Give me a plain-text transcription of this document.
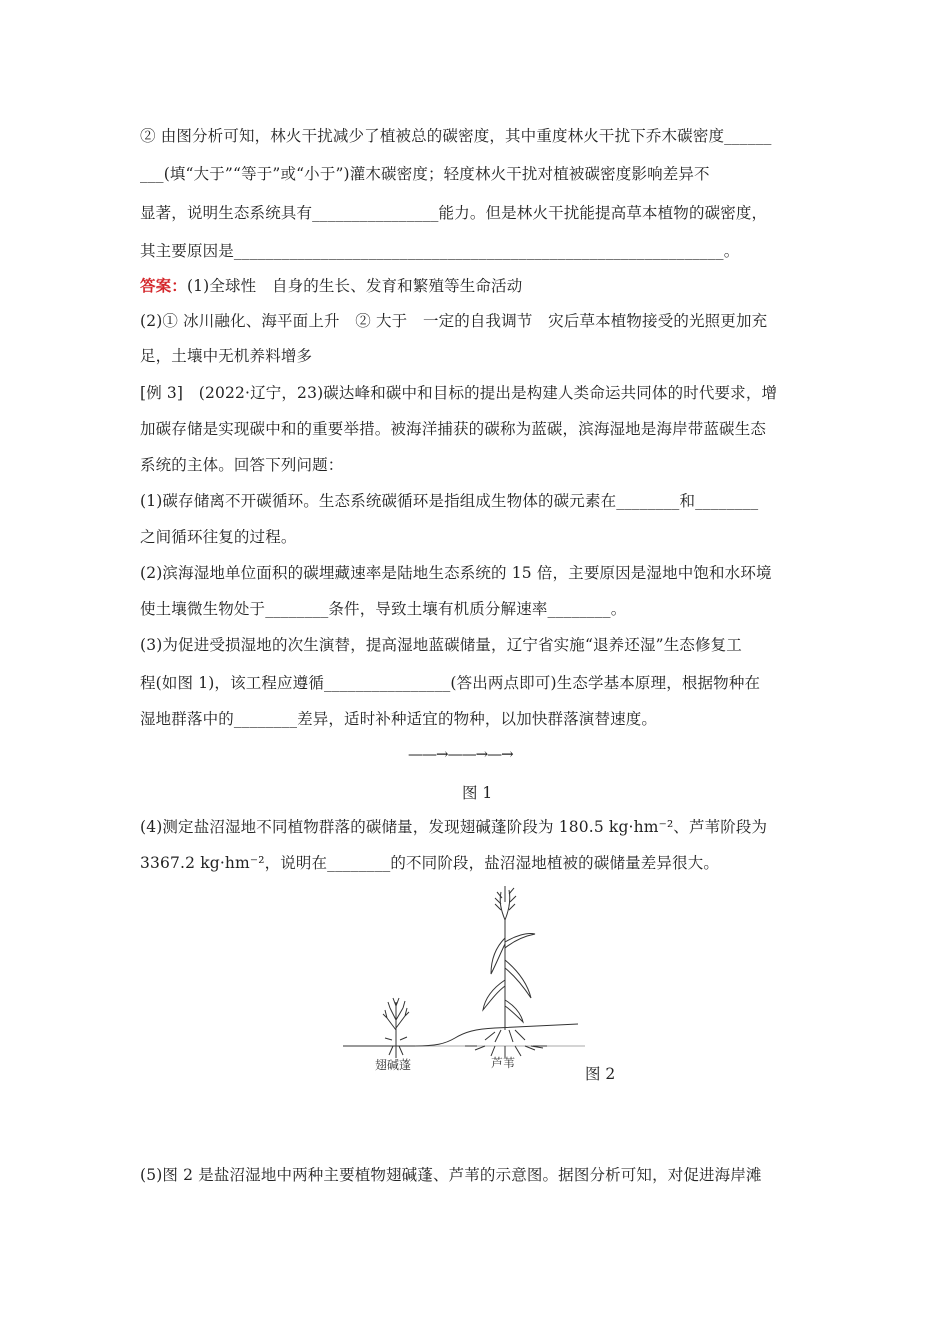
② 由图分析可知，林火干扰减少了植被总的碳密度，其中重度林火干扰下乔木碳密度______
___(填“大于”“等于”或“小于”)灌木碳密度；轻度林火干扰对植被碳密度影响差异不
显著，说明生态系统具有________________能力。但是林火干扰能提高草本植物的碳密度，
其主要原因是______________________________________________________________。
答案：(1)全球性　自身的生长、发育和繁殖等生命活动
(2)① 冰川融化、海平面上升　② 大于　一定的自我调节　灾后草本植物接受的光照更加充
足，土壤中无机养料增多
[例 3]　(2022·辽宁，23)碳达峰和碳中和目标的提出是构建人类命运共同体的时代要求，增
加碳存储是实现碳中和的重要举措。被海洋捕获的碳称为蓝碳，滨海湿地是海岸带蓝碳生态
系统的主体。回答下列问题：
(1)碳存储离不开碳循环。生态系统碳循环是指组成生物体的碳元素在________和________
之间循环往复的过程。
(2)滨海湿地单位面积的碳埋藏速率是陆地生态系统的 15 倍，主要原因是湿地中饱和水环境
使土壤微生物处于________条件，导致土壤有机质分解速率________。
(3)为促进受损湿地的次生演替，提高湿地蓝碳储量，辽宁省实施“退养还湿”生态修复工
程(如图 1)，该工程应遵循________________(答出两点即可)生态学基本原理，根据物种在
湿地群落中的________差异，适时补种适宜的物种，以加快群落演替速度。
——→——→—→
图 1
(4)测定盐沼湿地不同植物群落的碳储量，发现翅碱蓬阶段为 180.5 kg·hm⁻²、芦苇阶段为
3367.2 kg·hm⁻²，说明在________的不同阶段，盐沼湿地植被的碳储量差异很大。
翅碱蓬	芦苇
图 2
(5)图 2 是盐沼湿地中两种主要植物翅碱蓬、芦苇的示意图。据图分析可知，对促进海岸滩
